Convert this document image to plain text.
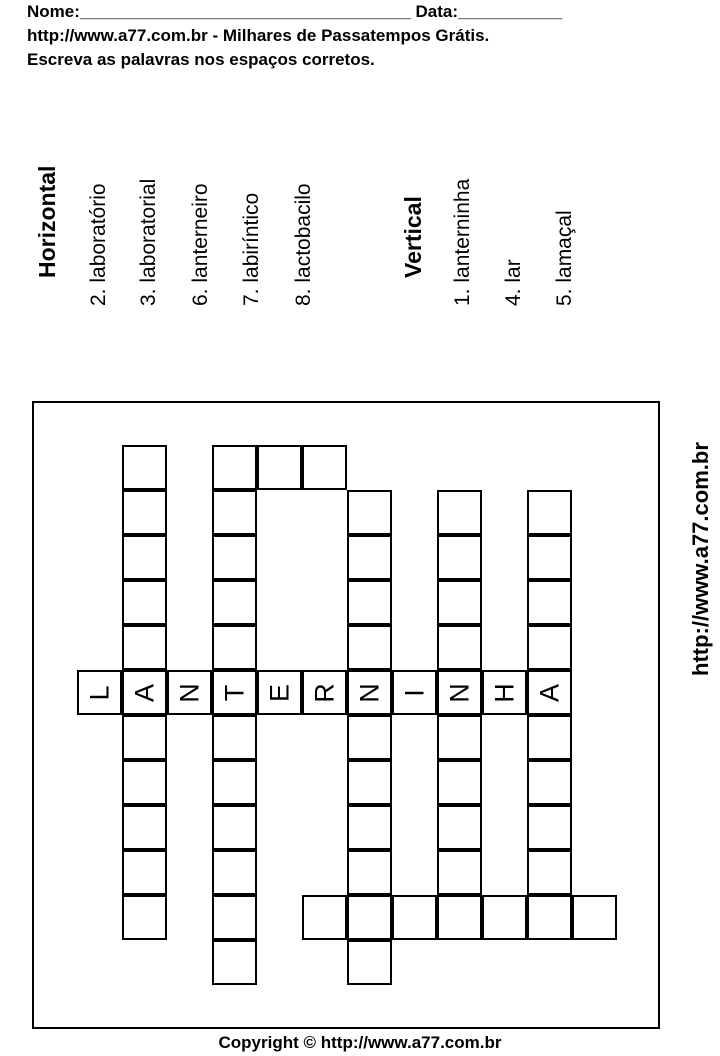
Nome:___________________________________ Data:___________
http://www.a77.com.br - Milhares de Passatempos Grátis.
Escreva as palavras nos espaços corretos.
Horizontal 2. laboratório 3. laboratorial 6. lanterneiro 7. labiríntico 8. lactobacilo	Vertical 1. lanterninha 4. lar 5. lamaçal
http://www.a77.com.br
A T	N N A
L N E R I H
Copyright © http://www.a77.com.br
